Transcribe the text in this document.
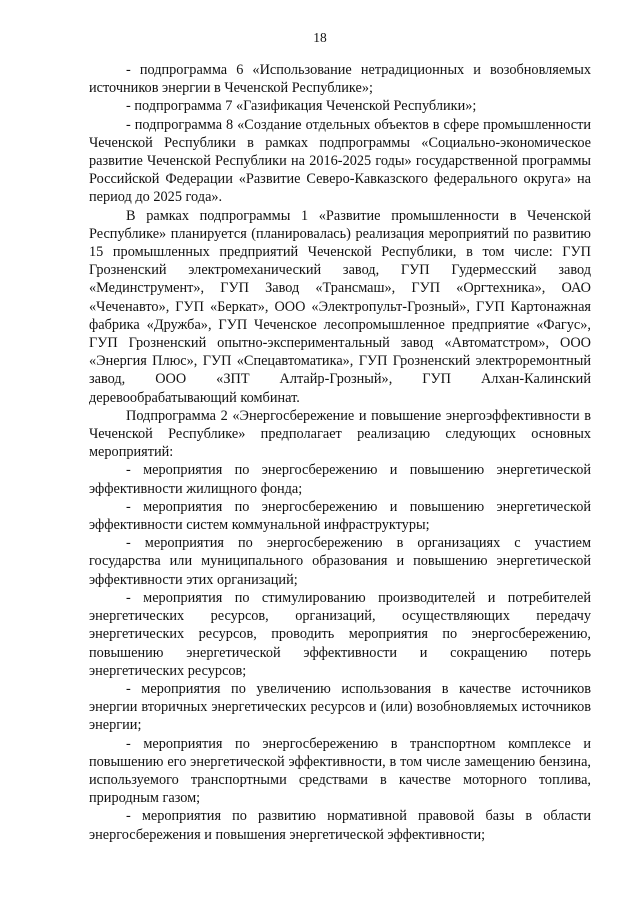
18

- подпрограмма 6 «Использование нетрадиционных и возобновляемых источников энергии в Чеченской Республике»;

- подпрограмма 7 «Газификация Чеченской Республики»;

- подпрограмма 8 «Создание отдельных объектов в сфере промышленности Чеченской Республики в рамках подпрограммы «Социально-экономическое развитие Чеченской Республики на 2016-2025 годы» государственной программы Российской Федерации «Развитие Северо-Кавказского федерального округа» на период до 2025 года».

В рамках подпрограммы 1 «Развитие промышленности в Чеченской Республике» планируется (планировалась) реализация мероприятий по развитию 15 промышленных предприятий Чеченской Республики, в том числе: ГУП Грозненский электромеханический завод, ГУП Гудермесский завод «Мединструмент», ГУП Завод «Трансмаш», ГУП «Оргтехника», ОАО «Чеченавто», ГУП «Беркат», ООО «Электропульт-Грозный», ГУП Картонажная фабрика «Дружба», ГУП Чеченское лесопромышленное предприятие «Фагус», ГУП Грозненский опытно-экспериментальный завод «Автоматстром», ООО «Энергия Плюс», ГУП «Спецавтоматика», ГУП Грозненский электроремонтный завод, ООО «ЗПТ Алтайр-Грозный», ГУП Алхан-Калинский деревообрабатывающий комбинат.

Подпрограмма 2 «Энергосбережение и повышение энергоэффективности в Чеченской Республике» предполагает реализацию следующих основных мероприятий:

- мероприятия по энергосбережению и повышению энергетической эффективности жилищного фонда;

- мероприятия по энергосбережению и повышению энергетической эффективности систем коммунальной инфраструктуры;

- мероприятия по энергосбережению в организациях с участием государства или муниципального образования и повышению энергетической эффективности этих организаций;

- мероприятия по стимулированию производителей и потребителей энергетических ресурсов, организаций, осуществляющих передачу энергетических ресурсов, проводить мероприятия по энергосбережению, повышению энергетической эффективности и сокращению потерь энергетических ресурсов;

- мероприятия по увеличению использования в качестве источников энергии вторичных энергетических ресурсов и (или) возобновляемых источников энергии;

- мероприятия по энергосбережению в транспортном комплексе и повышению его энергетической эффективности, в том числе замещению бензина, используемого транспортными средствами в качестве моторного топлива, природным газом;

- мероприятия по развитию нормативной правовой базы в области энергосбережения и повышения энергетической эффективности;
